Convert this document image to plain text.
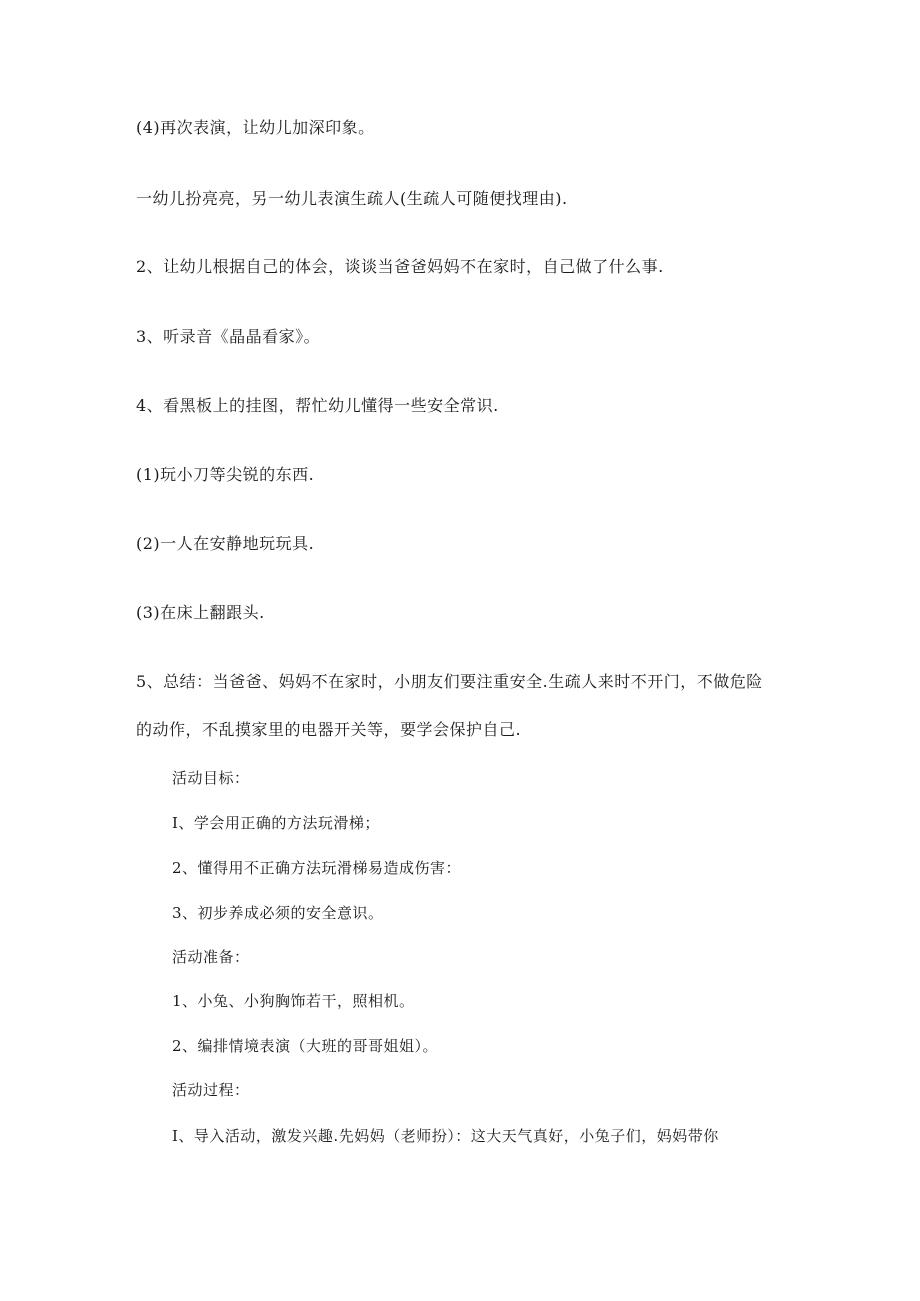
(4)再次表演，让幼儿加深印象。
一幼儿扮亮亮，另一幼儿表演生疏人(生疏人可随便找理由).
2、让幼儿根据自己的体会，谈谈当爸爸妈妈不在家时，自己做了什么事.
3、听录音《晶晶看家》。
4、看黑板上的挂图，帮忙幼儿懂得一些安全常识.
(1)玩小刀等尖锐的东西.
(2)一人在安静地玩玩具.
(3)在床上翻跟头.
5、总结：当爸爸、妈妈不在家时，小朋友们要注重安全.生疏人来时不开门，不做危险
的动作，不乱摸家里的电器开关等，要学会保护自己.
活动目标：
I、学会用正确的方法玩滑梯；
2、懂得用不正确方法玩滑梯易造成伤害：
3、初步养成必须的安全意识。
活动准备：
1、小兔、小狗胸饰若干，照相机。
2、编排情境表演（大班的哥哥姐姐）。
活动过程：
I、导入活动，激发兴趣.先妈妈（老师扮）：这大天气真好，小兔子们，妈妈带你
